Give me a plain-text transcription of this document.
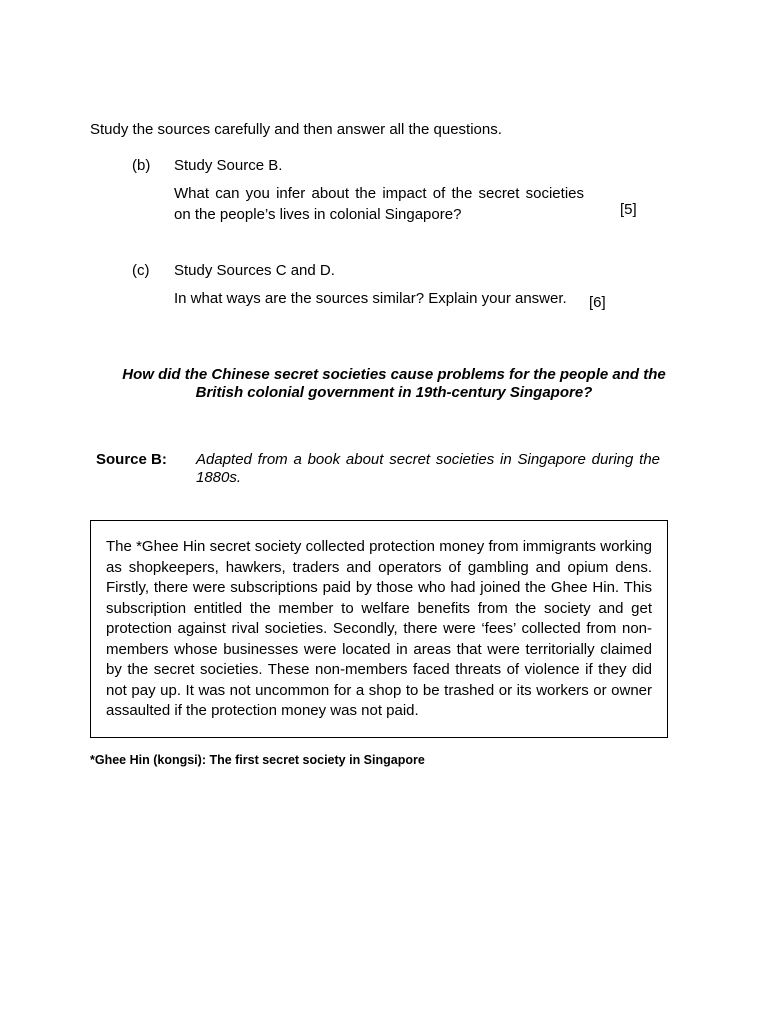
Study the sources carefully and then answer all the questions.
(b) Study Source B.
What can you infer about the impact of the secret societies on the people’s lives in colonial Singapore?	[5]
(c) Study Sources C and D.
In what ways are the sources similar? Explain your answer.	[6]
How did the Chinese secret societies cause problems for the people and the British colonial government in 19th-century Singapore?
Source B: Adapted from a book about secret societies in Singapore during the 1880s.
The *Ghee Hin secret society collected protection money from immigrants working as shopkeepers, hawkers, traders and operators of gambling and opium dens. Firstly, there were subscriptions paid by those who had joined the Ghee Hin. This subscription entitled the member to welfare benefits from the society and get protection against rival societies. Secondly, there were ‘fees’ collected from non-members whose businesses were located in areas that were territorially claimed by the secret societies. These non-members faced threats of violence if they did not pay up. It was not uncommon for a shop to be trashed or its workers or owner assaulted if the protection money was not paid.
*Ghee Hin (kongsi): The first secret society in Singapore
